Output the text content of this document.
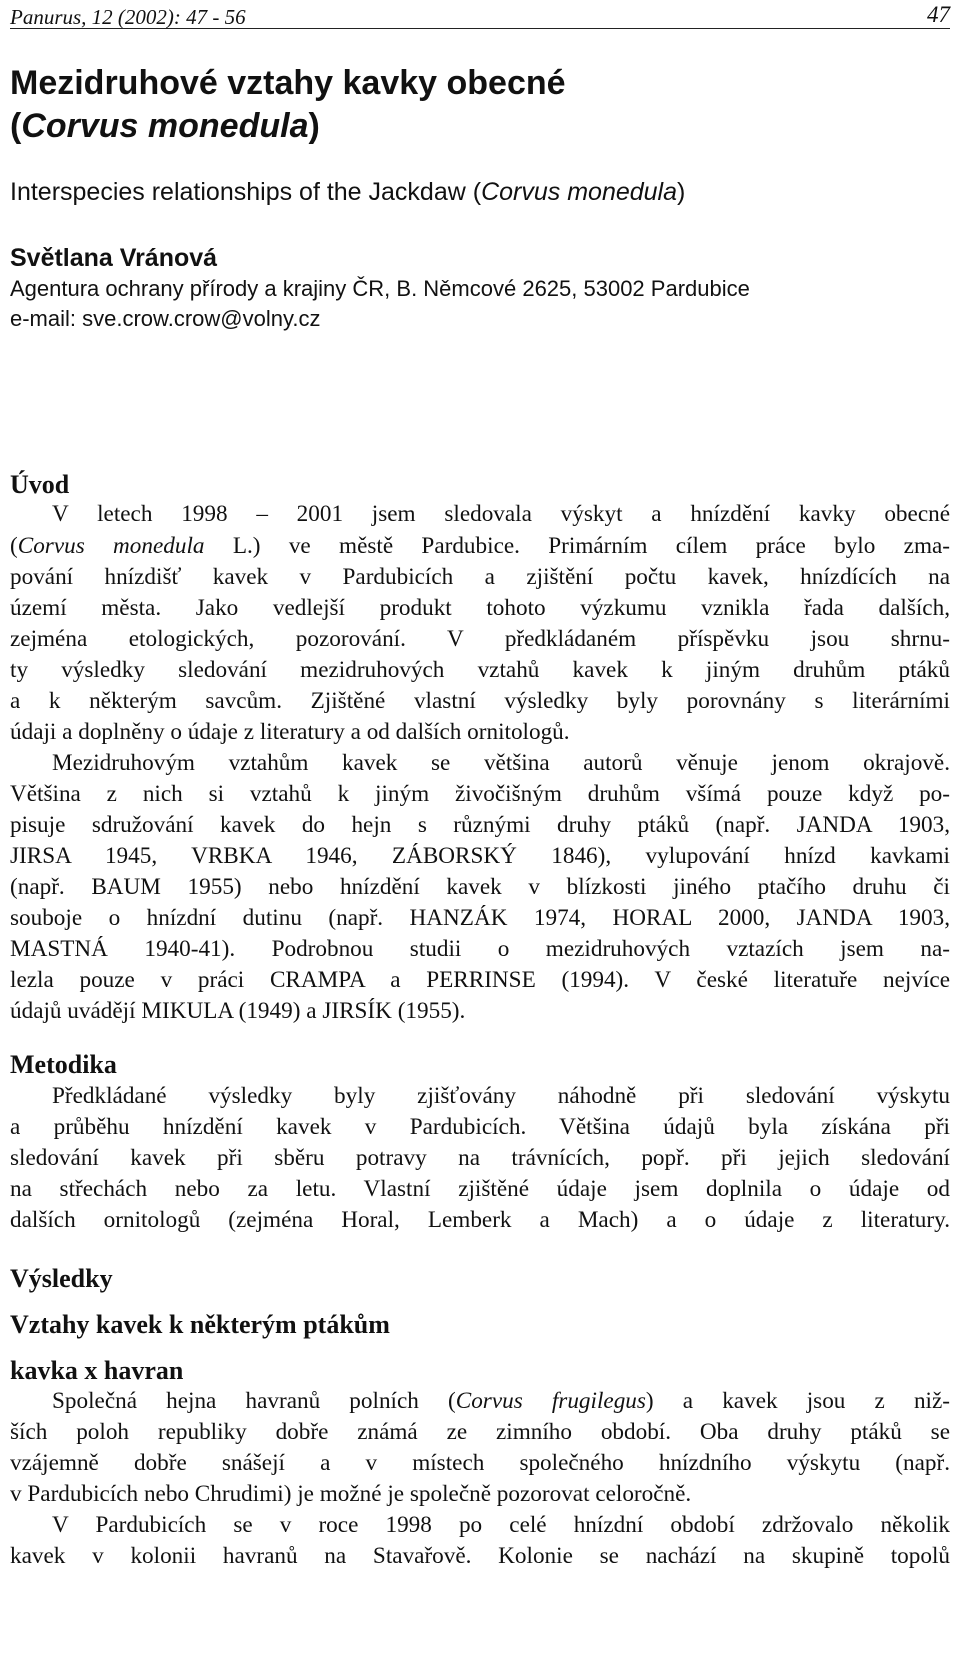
Panurus, 12 (2002): 47 - 56	47
Mezidruhové vztahy kavky obecné
(Corvus monedula)
Interspecies relationships of the Jackdaw (Corvus monedula)
Světlana Vránová
Agentura ochrany přírody a krajiny ČR, B. Němcové 2625, 53002 Pardubice
e-mail: sve.crow.crow@volny.cz
Úvod
V letech 1998 – 2001 jsem sledovala výskyt a hnízdění kavky obecné
(Corvus monedula L.) ve městě Pardubice. Primárním cílem práce bylo zma-
pování hnízdišť kavek v Pardubicích a zjištění počtu kavek, hnízdících na
území města. Jako vedlejší produkt tohoto výzkumu vznikla řada dalších,
zejména etologických, pozorování. V předkládaném příspěvku jsou shrnu-
ty výsledky sledování mezidruhových vztahů kavek k jiným druhům ptáků
a k některým savcům. Zjištěné vlastní výsledky byly porovnány s literárními
údaji a doplněny o údaje z literatury a od dalších ornitologů.
Mezidruhovým vztahům kavek se většina autorů věnuje jenom okrajově.
Většina z nich si vztahů k jiným živočišným druhům všímá pouze když po-
pisuje sdružování kavek do hejn s různými druhy ptáků (např. JANDA 1903,
JIRSA 1945, VRBKA 1946, ZÁBORSKÝ 1846), vylupování hnízd kavkami
(např. BAUM 1955) nebo hnízdění kavek v blízkosti jiného ptačího druhu či
souboje o hnízdní dutinu (např. HANZÁK 1974, HORAL 2000, JANDA 1903,
MASTNÁ 1940-41). Podrobnou studii o mezidruhových vztazích jsem na-
lezla pouze v práci CRAMPA a PERRINSE (1994). V české literatuře nejvíce
údajů uvádějí MIKULA (1949) a JIRSÍK (1955).
Metodika
Předkládané výsledky byly zjišťovány náhodně při sledování výskytu
a průběhu hnízdění kavek v Pardubicích. Většina údajů byla získána při
sledování kavek při sběru potravy na trávnících, popř. při jejich sledování
na střechách nebo za letu. Vlastní zjištěné údaje jsem doplnila o údaje od
dalších ornitologů (zejména Horal, Lemberk a Mach) a o údaje z literatury.
Výsledky
Vztahy kavek k některým ptákům
kavka x havran
Společná hejna havranů polních (Corvus frugilegus) a kavek jsou z niž-
ších poloh republiky dobře známá ze zimního období. Oba druhy ptáků se
vzájemně dobře snášejí a v místech společného hnízdního výskytu (např.
v Pardubicích nebo Chrudimi) je možné je společně pozorovat celoročně.
V Pardubicích se v roce 1998 po celé hnízdní období zdržovalo několik
kavek v kolonii havranů na Stavařově. Kolonie se nachází na skupině topolů
